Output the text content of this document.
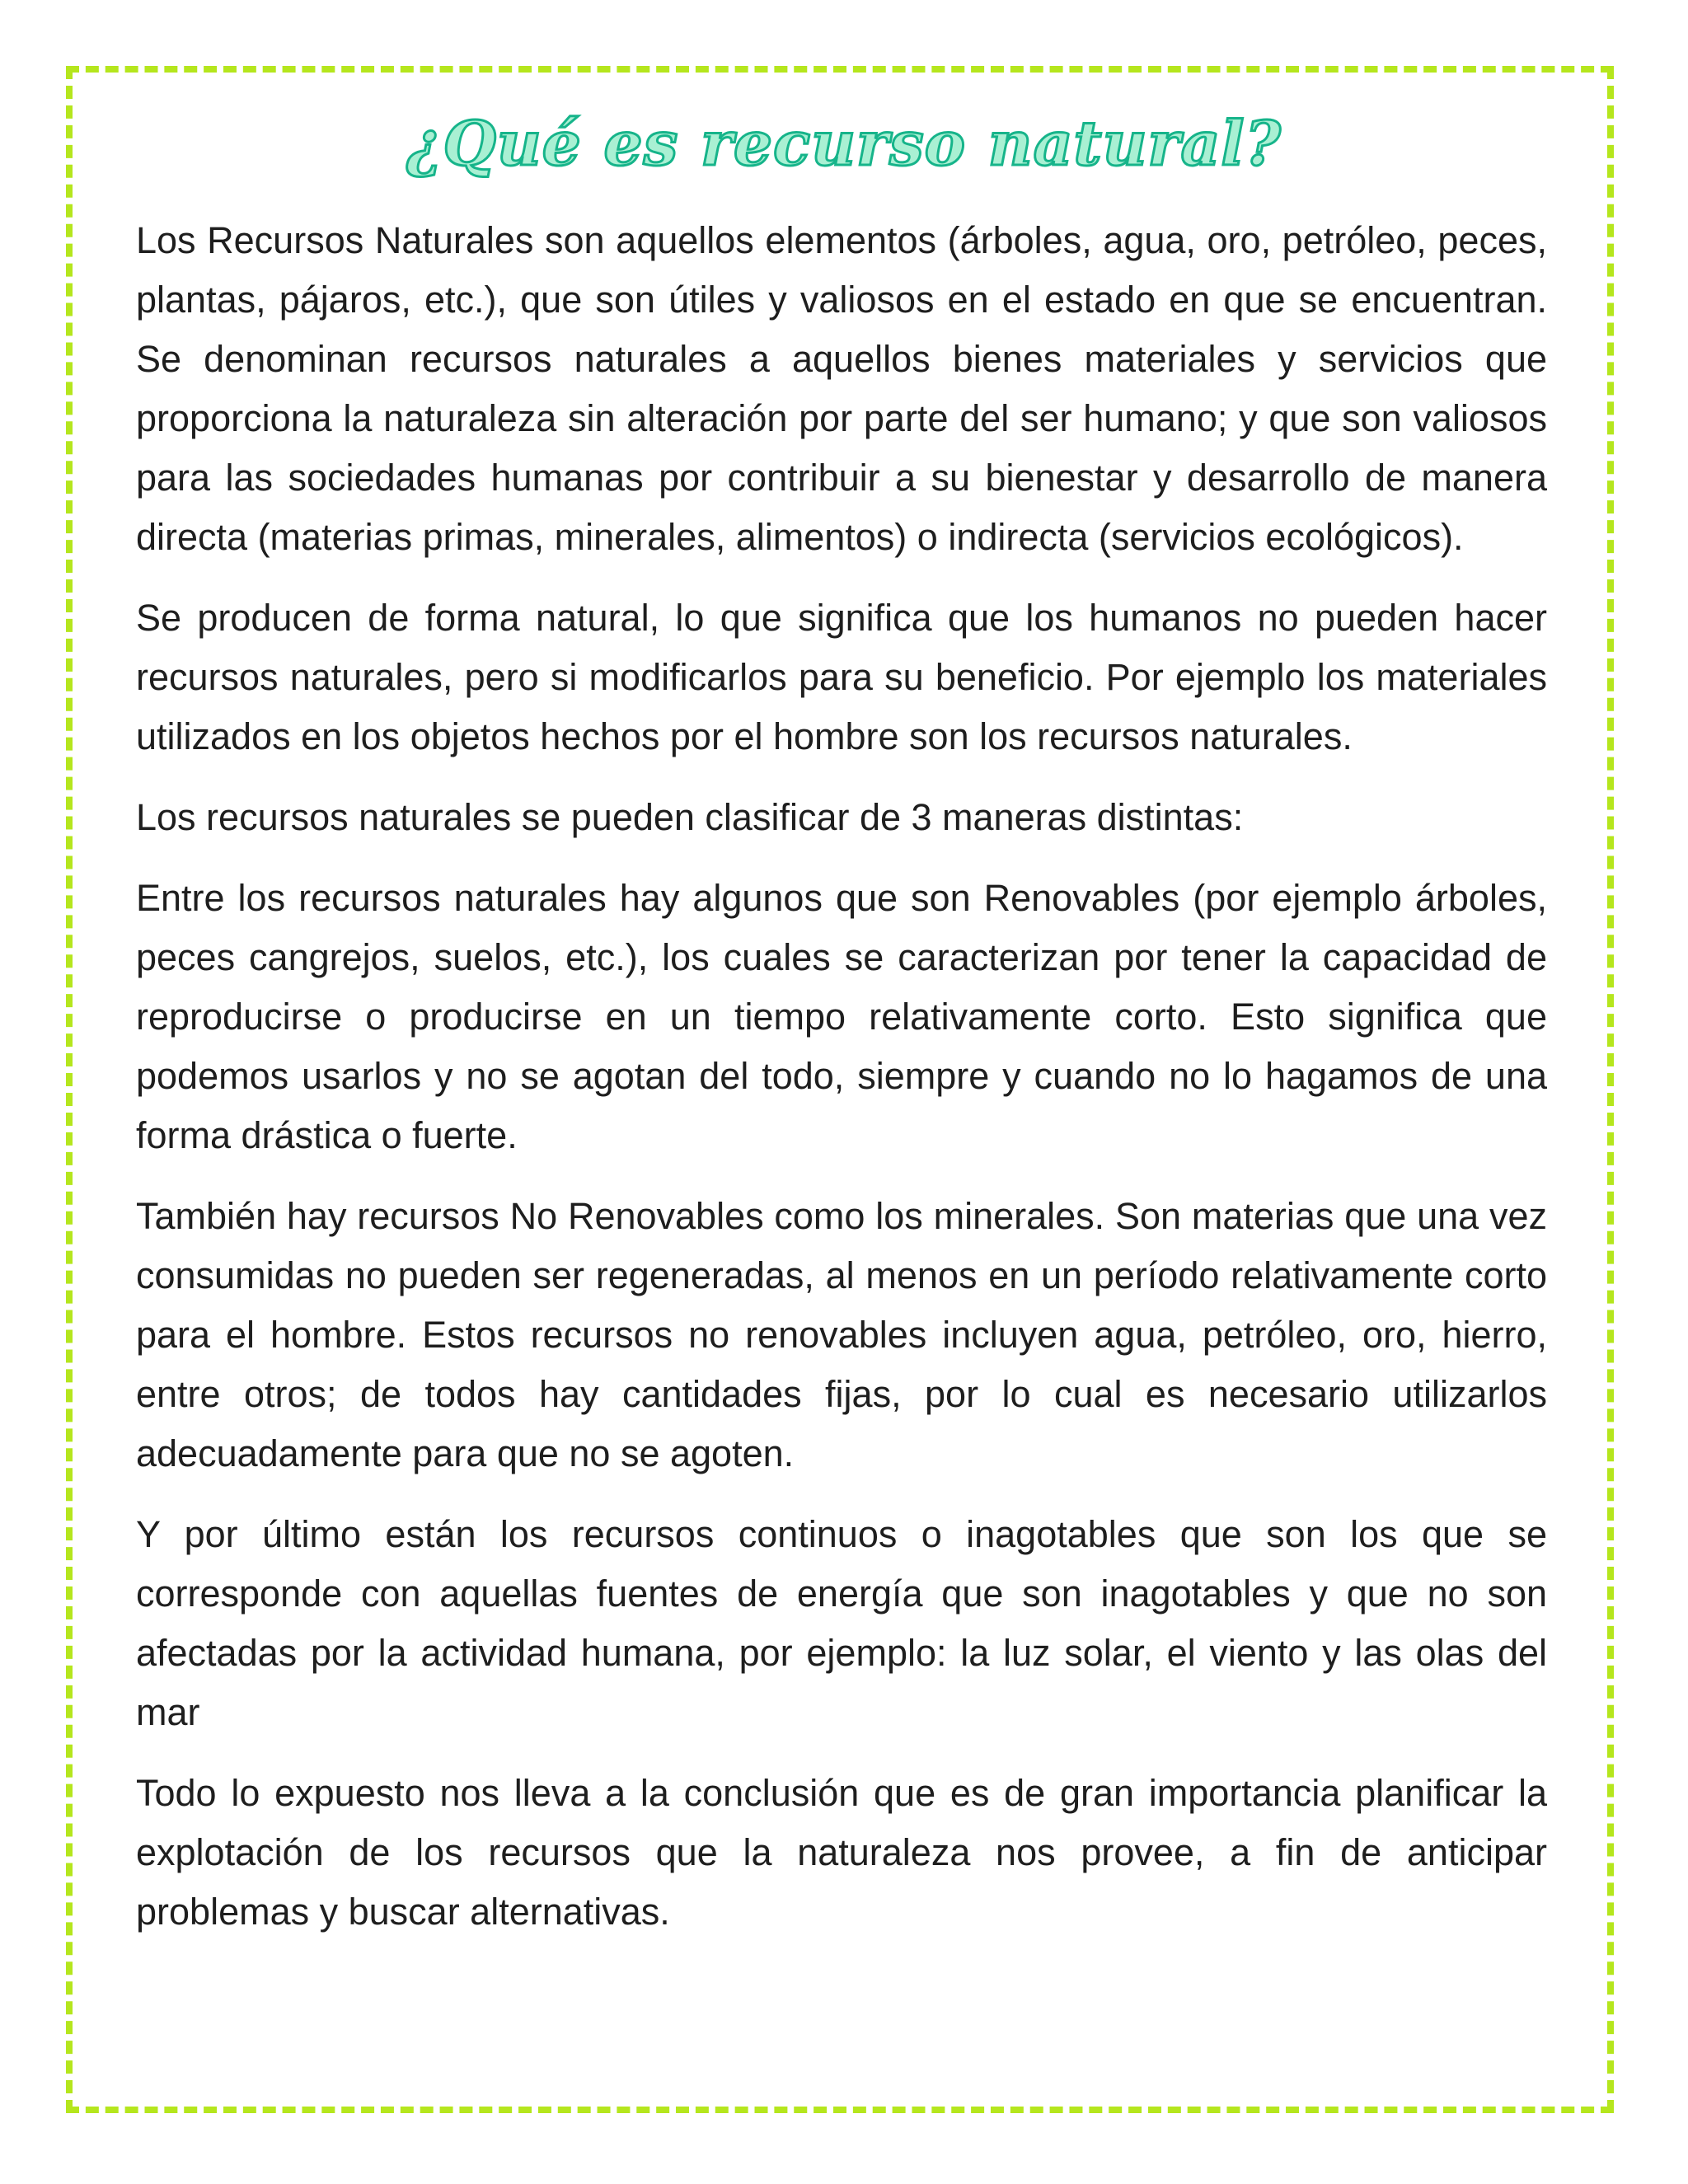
¿Qué es recurso natural?

Los Recursos Naturales son aquellos elementos (árboles, agua, oro, petróleo, peces, plantas, pájaros, etc.), que son útiles y valiosos en el estado en que se encuentran. Se denominan recursos naturales a aquellos bienes materiales y servicios que proporciona la naturaleza sin alteración por parte del ser humano; y que son valiosos para las sociedades humanas por contribuir a su bienestar y desarrollo de manera directa (materias primas, minerales, alimentos) o indirecta (servicios ecológicos).

Se producen de forma natural, lo que significa que los humanos no pueden hacer recursos naturales, pero si modificarlos para su beneficio. Por ejemplo los materiales utilizados en los objetos hechos por el hombre son los recursos naturales.

Los recursos naturales se pueden clasificar de 3 maneras distintas:

Entre los recursos naturales hay algunos que son Renovables (por ejemplo árboles, peces cangrejos, suelos, etc.), los cuales se caracterizan por tener la capacidad de reproducirse o producirse en un tiempo relativamente corto. Esto significa que podemos usarlos y no se agotan del todo, siempre y cuando no lo hagamos de una forma drástica o fuerte.

También hay recursos No Renovables como los minerales. Son materias que una vez consumidas no pueden ser regeneradas, al menos en un período relativamente corto para el hombre. Estos recursos no renovables incluyen agua, petróleo, oro, hierro, entre otros; de todos hay cantidades fijas, por lo cual es necesario utilizarlos adecuadamente para que no se agoten.

Y por último están los recursos continuos o inagotables que son los que se corresponde con aquellas fuentes de energía que son inagotables y que no son afectadas por la actividad humana, por ejemplo: la luz solar, el viento y las olas del mar

Todo lo expuesto nos lleva a la conclusión que es de gran importancia planificar la explotación de los recursos que la naturaleza nos provee, a fin de anticipar problemas y buscar alternativas.
